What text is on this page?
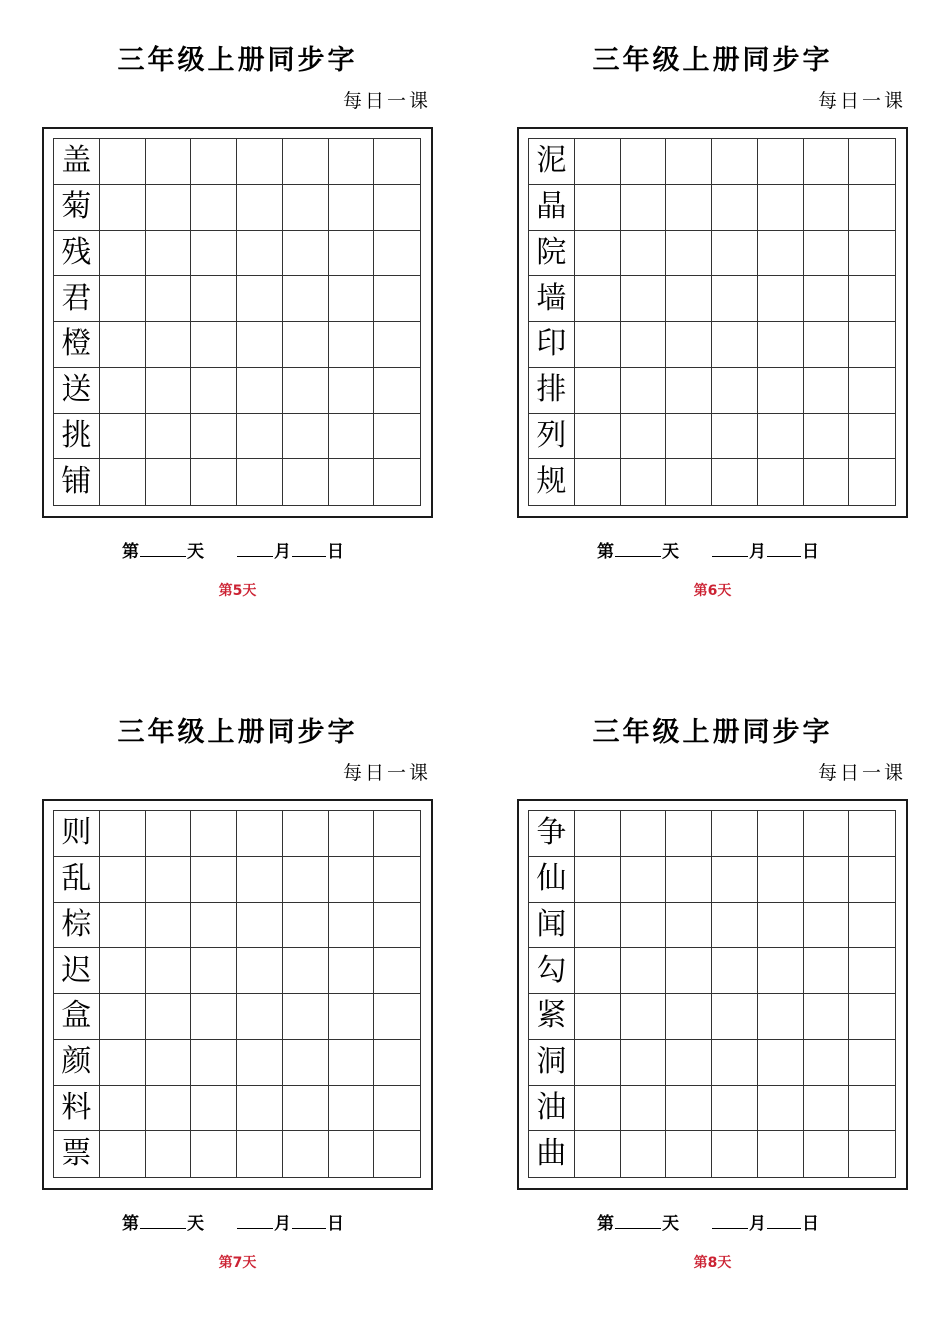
三年级上册同步字
每日一课
盖
菊
残
君
橙
送
挑
铺
第	天	月 日
第5天
三年级上册同步字
每日一课
泥
晶
院
墙
印
排
列
规
第	天	月 日
第6天
三年级上册同步字
每日一课
则
乱
棕
迟
盒
颜
料
票
第	天	月 日
第7天
三年级上册同步字
每日一课
争
仙
闻
勾
紧
洞
油
曲
第	天	月 日
第8天
